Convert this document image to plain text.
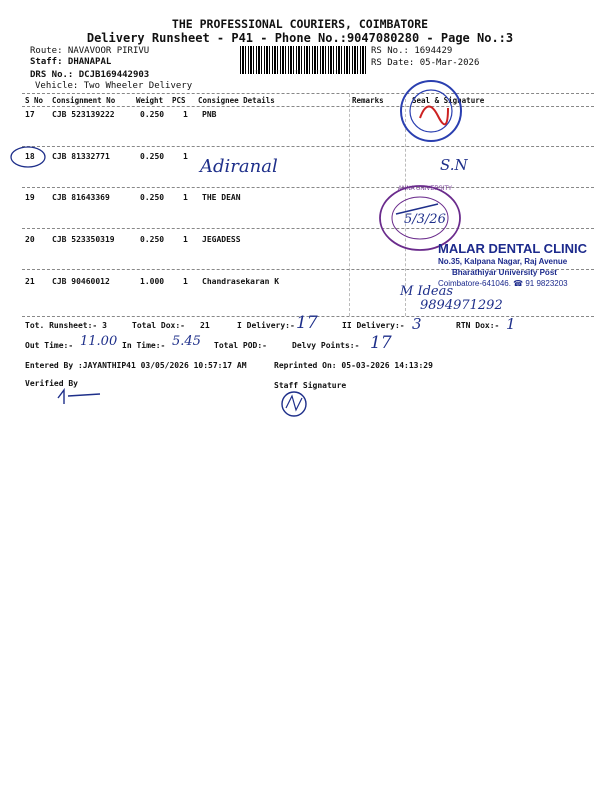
THE PROFESSIONAL COURIERS, COIMBATORE
Delivery Runsheet - P41 - Phone No.:9047080280 - Page No.:3
Route: NAVAVOOR PIRIVU
Staff: DHANAPAL
DRS No.: DCJB169442903
Vehicle: Two Wheeler Delivery
RS No.: 1694429
RS Date: 05-Mar-2026
S No Consignment No	Weight PCS Consignee Details	Remarks	Seal & Signature
17 CJB 523139222	0.250 1 PNB
18 CJB 81332771	0.250 1 Adiranal	S.N
19 CJB 81643369	0.250 1 THE DEAN
20 CJB 523350319	0.250 1 JEGADESS
21 CJB 90460012	1.000 1 Chandrasekaran K
M Ideas
9894971292
ANNA UNIVERSITY
5/3/26
MALAR DENTAL CLINIC
No.35, Kalpana Nagar, Raj Avenue
Bharathiyar University Post
Coimbatore-641046. ☎ 91 9823203
Tot. Runsheet:- 3	Total Dox:- 21	I Delivery:- 17	II Delivery:- 3	RTN Dox:- 1
Out Time:- 11.00 In Time:- 5.45 Total POD:-	Delvy Points:- 17
Entered By :JAYANTHIP41 03/05/2026 10:57:17 AM	Reprinted On: 05-03-2026 14:13:29
Verified By	Staff Signature
